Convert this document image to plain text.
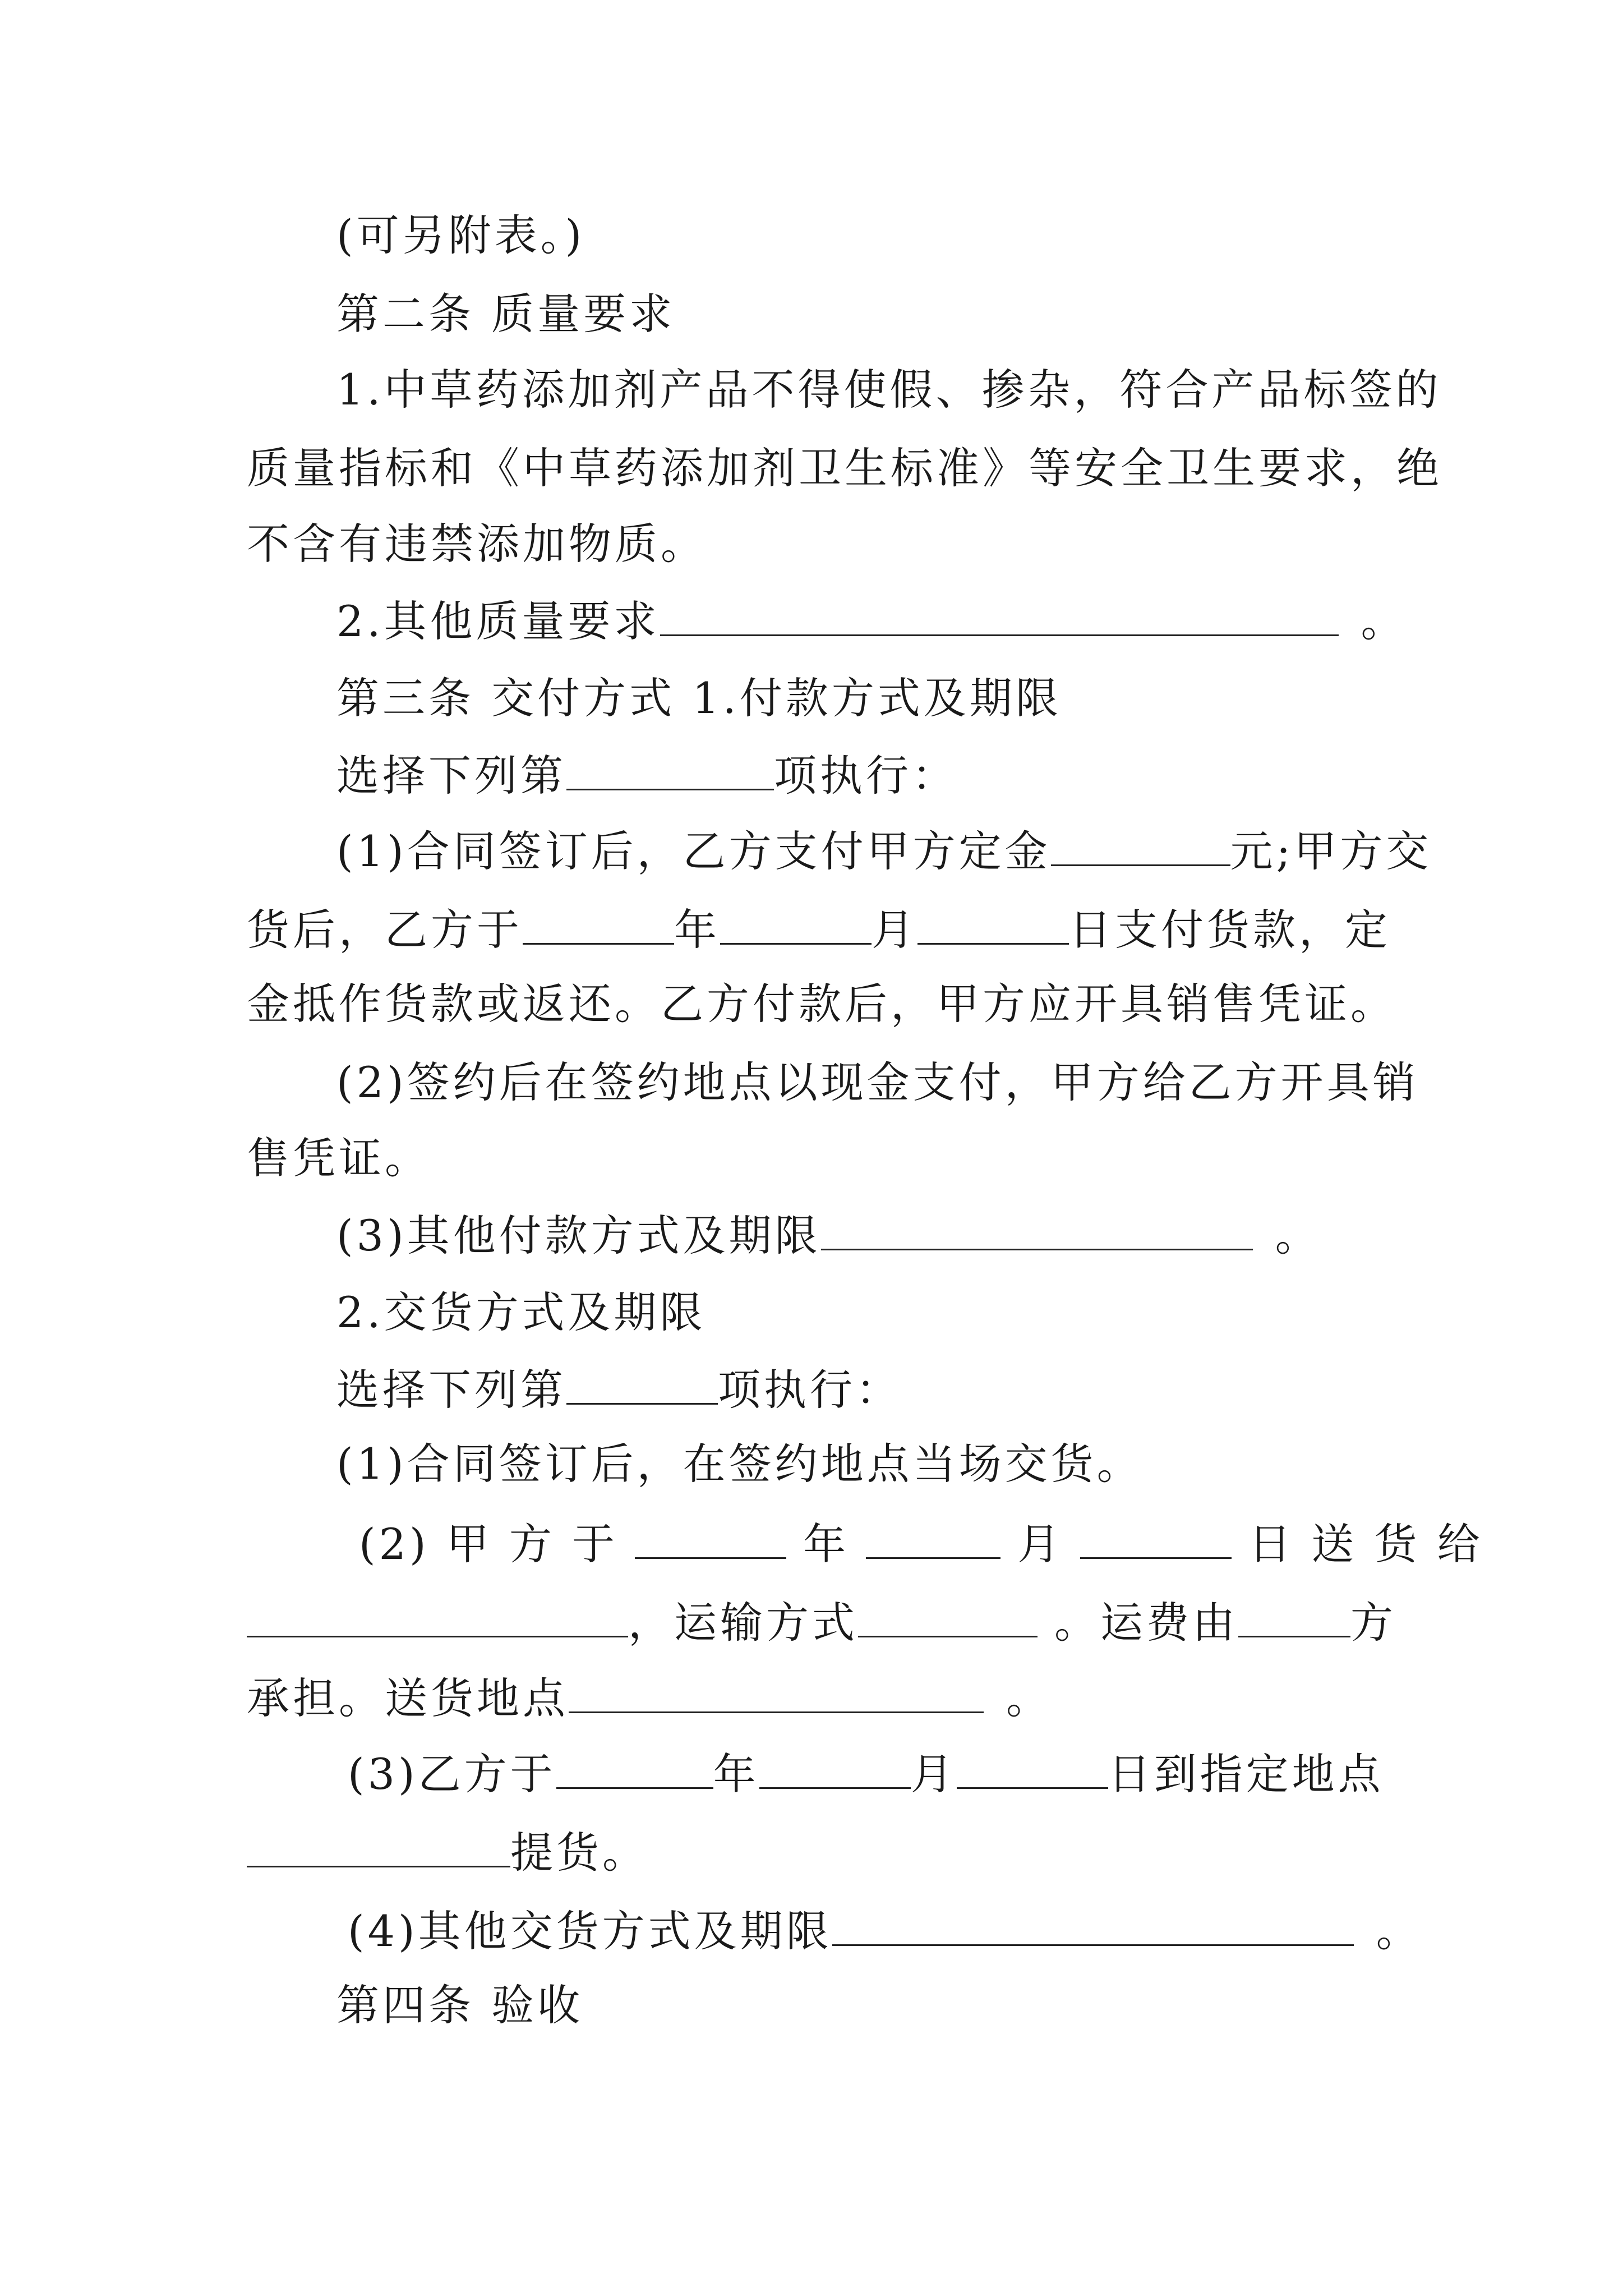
(可另附表。)
第二条 质量要求
1.中草药添加剂产品不得使假、掺杂，符合产品标签的
质量指标和《中草药添加剂卫生标准》等安全卫生要求，绝
不含有违禁添加物质。
2.其他质量要求	。
第三条 交付方式 1.付款方式及期限
选择下列第	项执行：
(1)合同签订后，乙方支付甲方定金	元;甲方交
货后，乙方于	年	月	日支付货款，定
金抵作货款或返还。乙方付款后，甲方应开具销售凭证。
(2)签约后在签约地点以现金支付，甲方给乙方开具销
售凭证。
(3)其他付款方式及期限	。
2.交货方式及期限
选择下列第	项执行：
(1)合同签订后，在签约地点当场交货。
(2) 甲 方 于	年	月	日 送 货 给
，运输方式	。运费由	方
承担。送货地点	。
(3)乙方于	年	月	日到指定地点
提货。
(4)其他交货方式及期限	。
第四条 验收
